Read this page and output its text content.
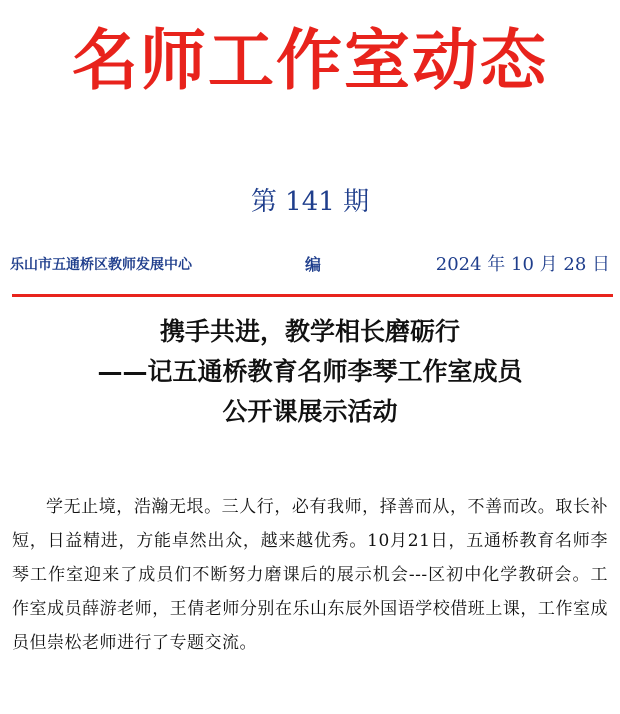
名师工作室动态
第 141 期
乐山市五通桥区教师发展中心	编	2024 年 10 月 28 日
携手共进，教学相长磨砺行
——记五通桥教育名师李琴工作室成员
公开课展示活动
学无止境，浩瀚无垠。三人行，必有我师，择善而从，不善而改。取长补短，日益精进，方能卓然出众，越来越优秀。10月21日，五通桥教育名师李琴工作室迎来了成员们不断努力磨课后的展示机会---区初中化学教研会。工作室成员薛游老师，王倩老师分别在乐山东辰外国语学校借班上课，工作室成员但崇松老师进行了专题交流。
